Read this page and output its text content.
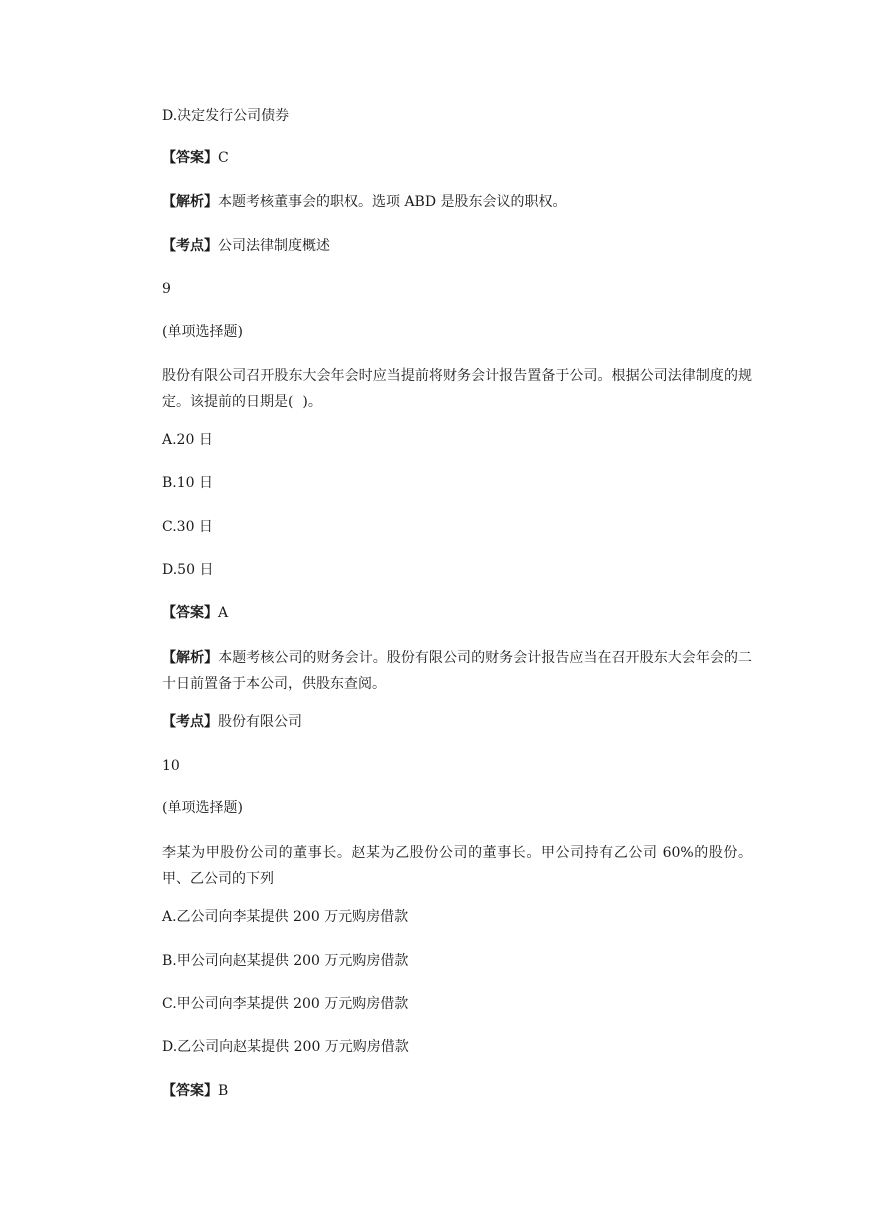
D.决定发行公司债券
【答案】C
【解析】本题考核董事会的职权。选项 ABD 是股东会议的职权。
【考点】公司法律制度概述
9
(单项选择题)
股份有限公司召开股东大会年会时应当提前将财务会计报告置备于公司。根据公司法律制度的规定。该提前的日期是(  )。
A.20 日
B.10 日
C.30 日
D.50 日
【答案】A
【解析】本题考核公司的财务会计。股份有限公司的财务会计报告应当在召开股东大会年会的二十日前置备于本公司，供股东查阅。
【考点】股份有限公司
10
(单项选择题)
李某为甲股份公司的董事长。赵某为乙股份公司的董事长。甲公司持有乙公司 60%的股份。甲、乙公司的下列
A.乙公司向李某提供 200 万元购房借款
B.甲公司向赵某提供 200 万元购房借款
C.甲公司向李某提供 200 万元购房借款
D.乙公司向赵某提供 200 万元购房借款
【答案】B
